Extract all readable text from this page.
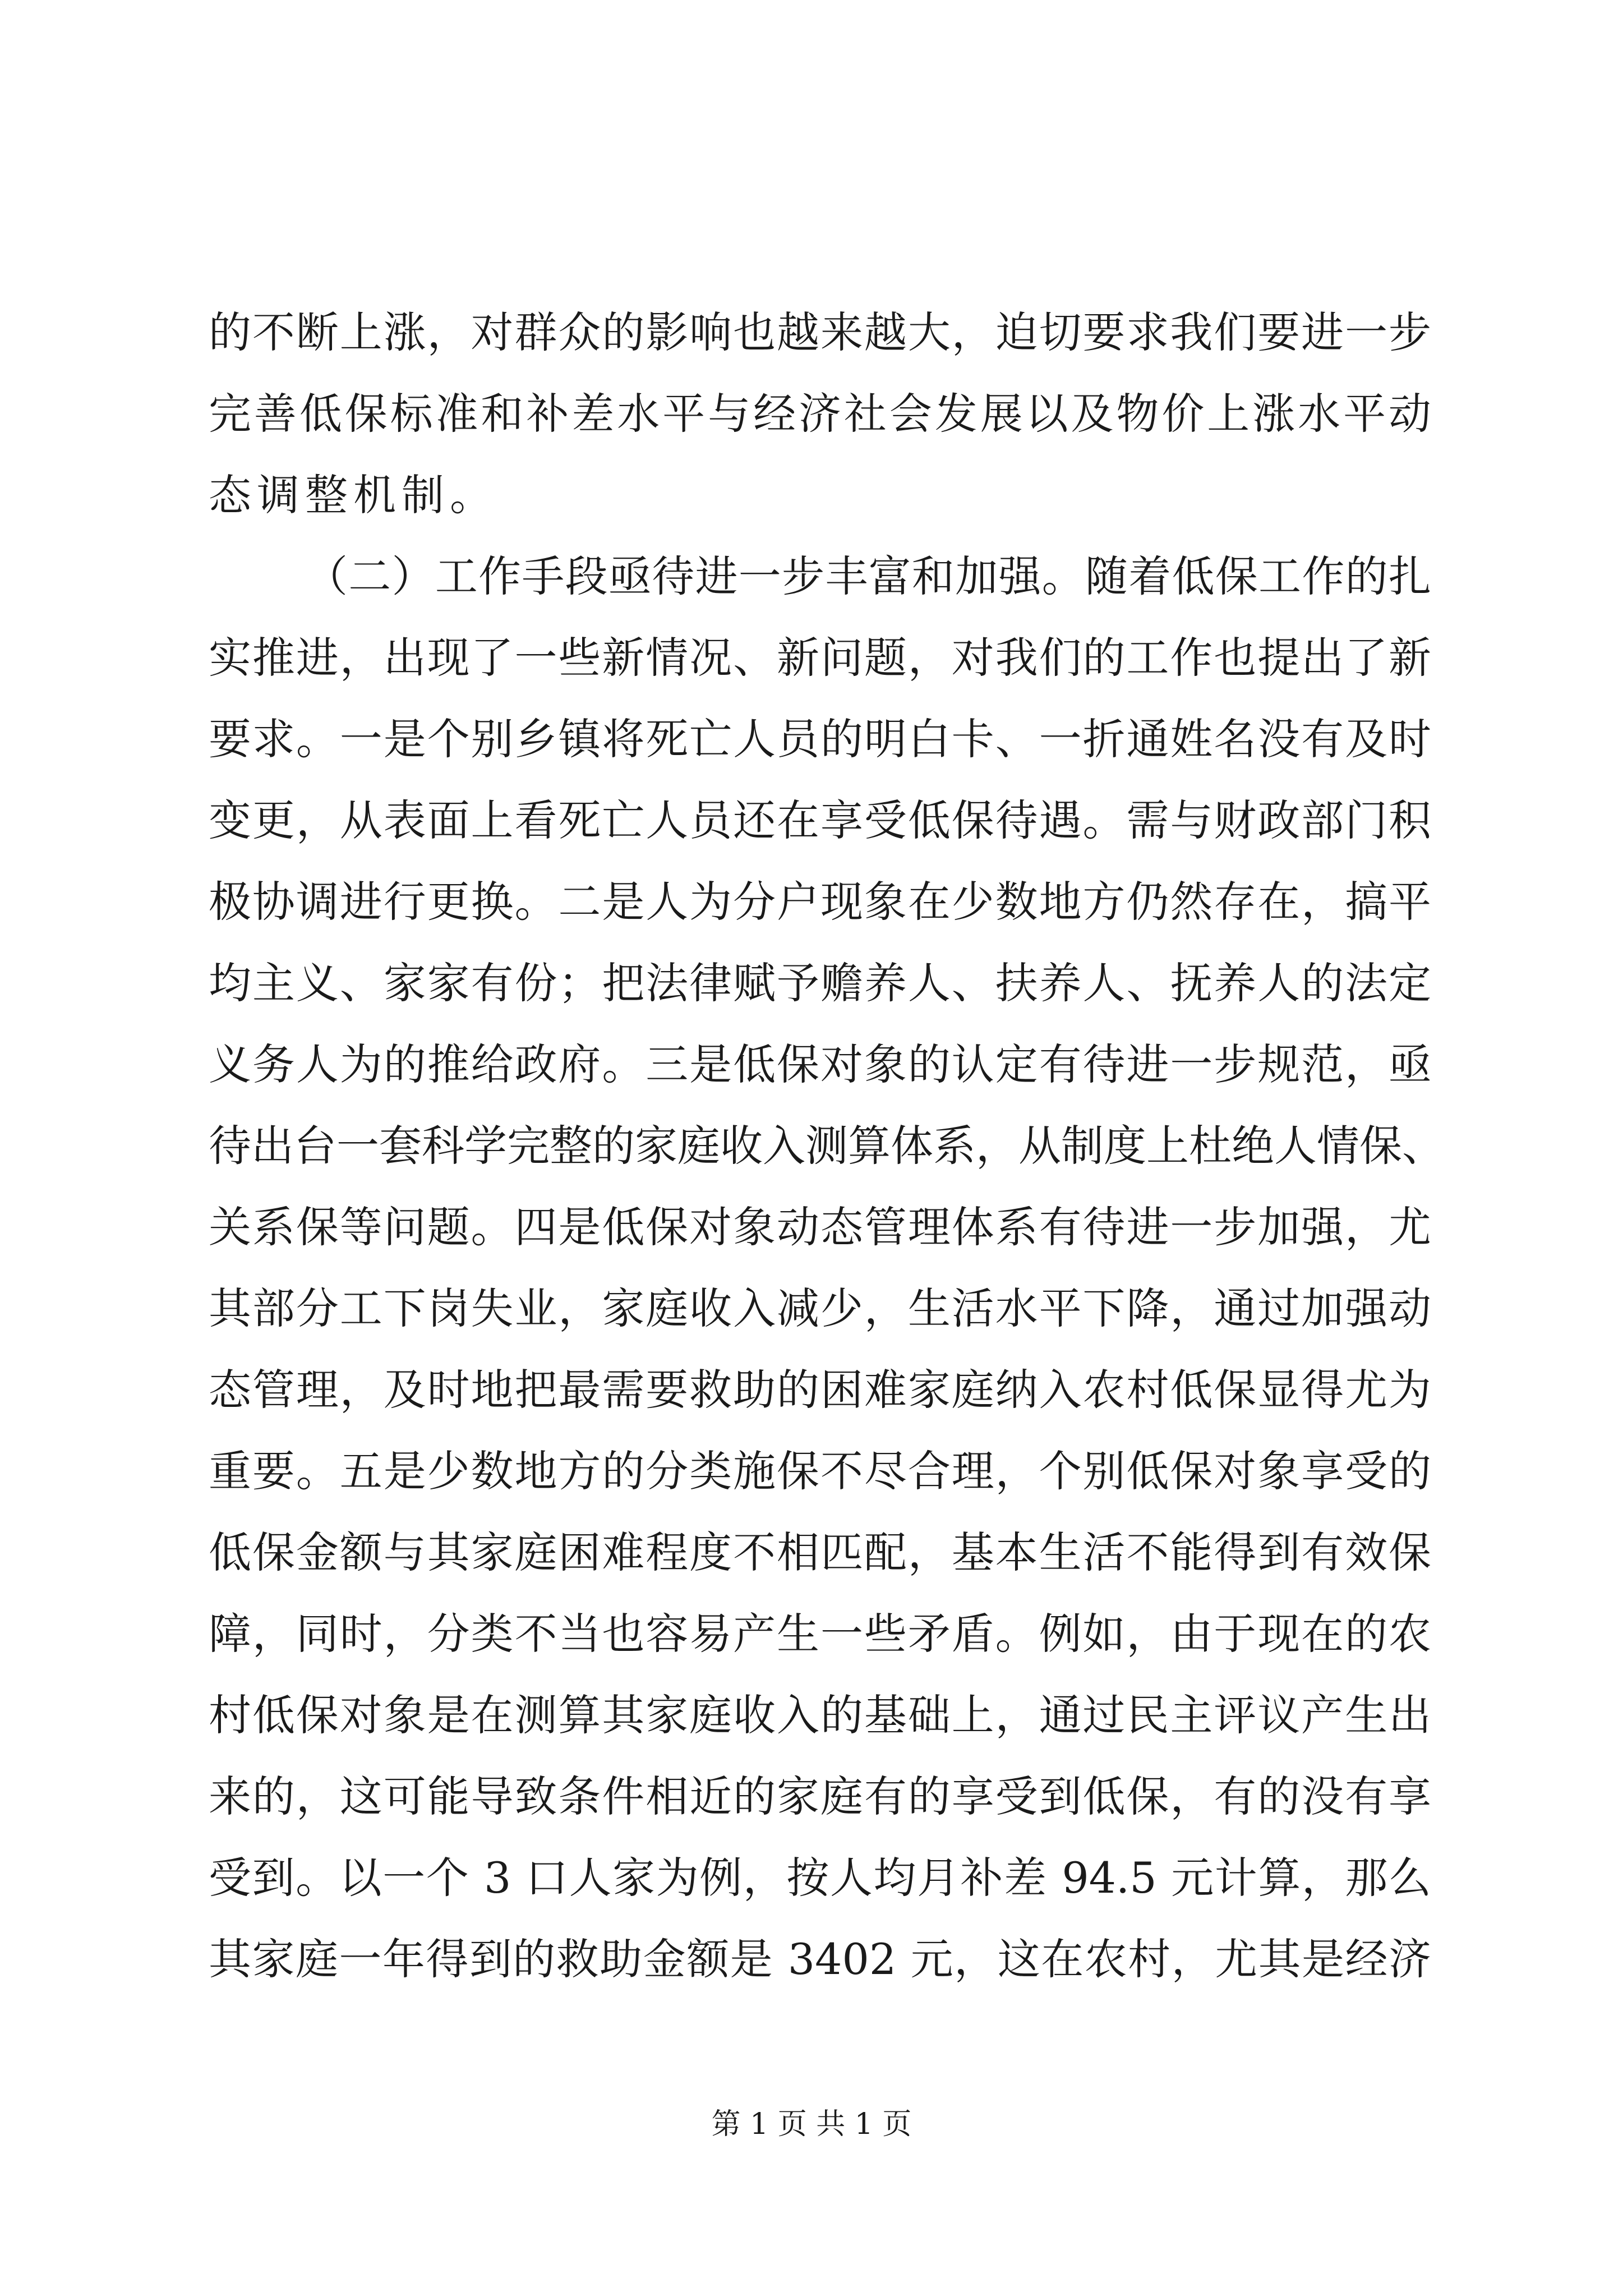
的不断上涨，对群众的影响也越来越大，迫切要求我们要进一步
完善低保标准和补差水平与经济社会发展以及物价上涨水平动
态调整机制。
（二）工作手段亟待进一步丰富和加强。随着低保工作的扎
实推进，出现了一些新情况、新问题，对我们的工作也提出了新
要求。一是个别乡镇将死亡人员的明白卡、一折通姓名没有及时
变更，从表面上看死亡人员还在享受低保待遇。需与财政部门积
极协调进行更换。二是人为分户现象在少数地方仍然存在，搞平
均主义、家家有份；把法律赋予赡养人、扶养人、抚养人的法定
义务人为的推给政府。三是低保对象的认定有待进一步规范，亟
待出台一套科学完整的家庭收入测算体系，从制度上杜绝人情保、
关系保等问题。四是低保对象动态管理体系有待进一步加强，尤
其部分工下岗失业，家庭收入减少，生活水平下降，通过加强动
态管理，及时地把最需要救助的困难家庭纳入农村低保显得尤为
重要。五是少数地方的分类施保不尽合理，个别低保对象享受的
低保金额与其家庭困难程度不相匹配，基本生活不能得到有效保
障，同时，分类不当也容易产生一些矛盾。例如，由于现在的农
村低保对象是在测算其家庭收入的基础上，通过民主评议产生出
来的，这可能导致条件相近的家庭有的享受到低保，有的没有享
受到。以一个 3 口人家为例，按人均月补差 94.5 元计算，那么
其家庭一年得到的救助金额是 3402 元，这在农村，尤其是经济
第 1 页 共 1 页
